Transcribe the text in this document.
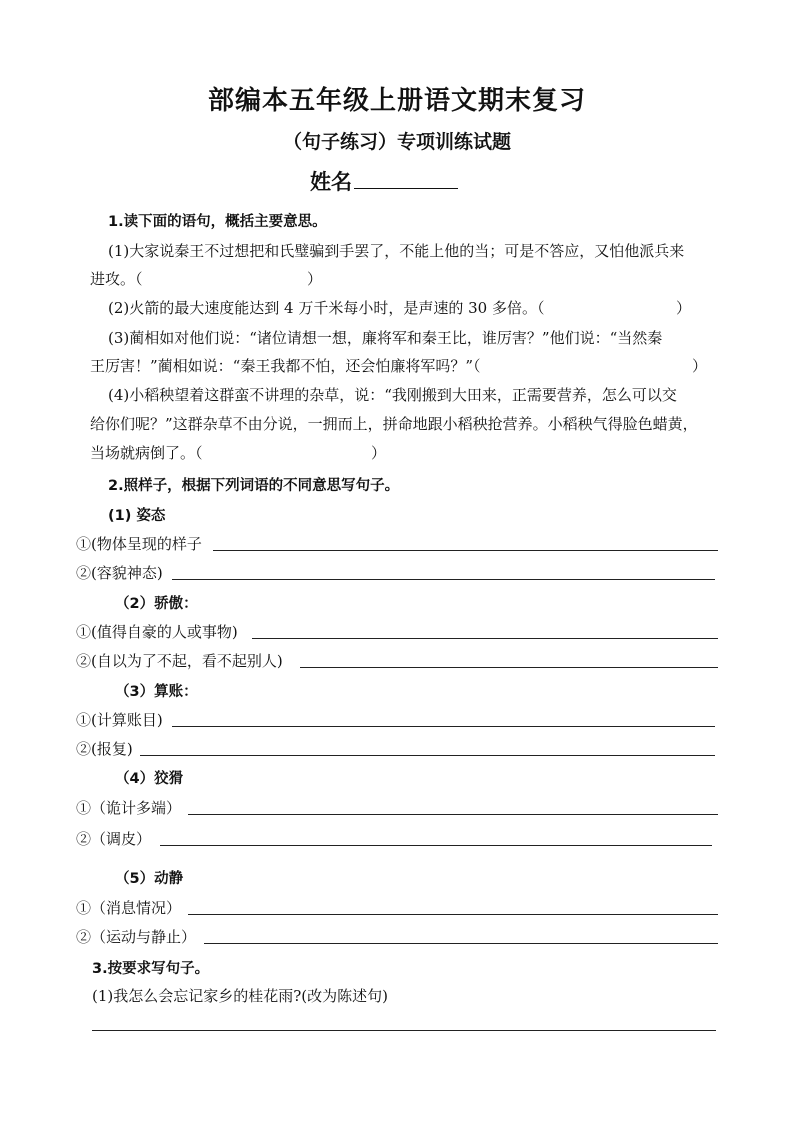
部编本五年级上册语文期末复习
（句子练习）专项训练试题
姓名
1.读下面的语句，概括主要意思。
(1)大家说秦王不过想把和氏璧骗到手罢了，不能上他的当；可是不答应，又怕他派兵来
进攻。（	）
(2)火箭的最大速度能达到 4 万千米每小时，是声速的 30 多倍。（	）
(3)蔺相如对他们说：“诸位请想一想，廉将军和秦王比，谁厉害？”他们说：“当然秦
王厉害！”蔺相如说：“秦王我都不怕，还会怕廉将军吗？”（	）
(4)小稻秧望着这群蛮不讲理的杂草，说：“我刚搬到大田来，正需要营养，怎么可以交
给你们呢？”这群杂草不由分说，一拥而上，拼命地跟小稻秧抢营养。小稻秧气得脸色蜡黄，
当场就病倒了。（	）
2.照样子，根据下列词语的不同意思写句子。
(1) 姿态
①(物体呈现的样子
②(容貌神态)
（2）骄傲：
①(值得自豪的人或事物)
②(自以为了不起，看不起别人)
（3）算账：
①(计算账目)
②(报复)
（4）狡猾
①（诡计多端）
②（调皮）
（5）动静
①（消息情况）
②（运动与静止）
3.按要求写句子。
(1)我怎么会忘记家乡的桂花雨?(改为陈述句)
